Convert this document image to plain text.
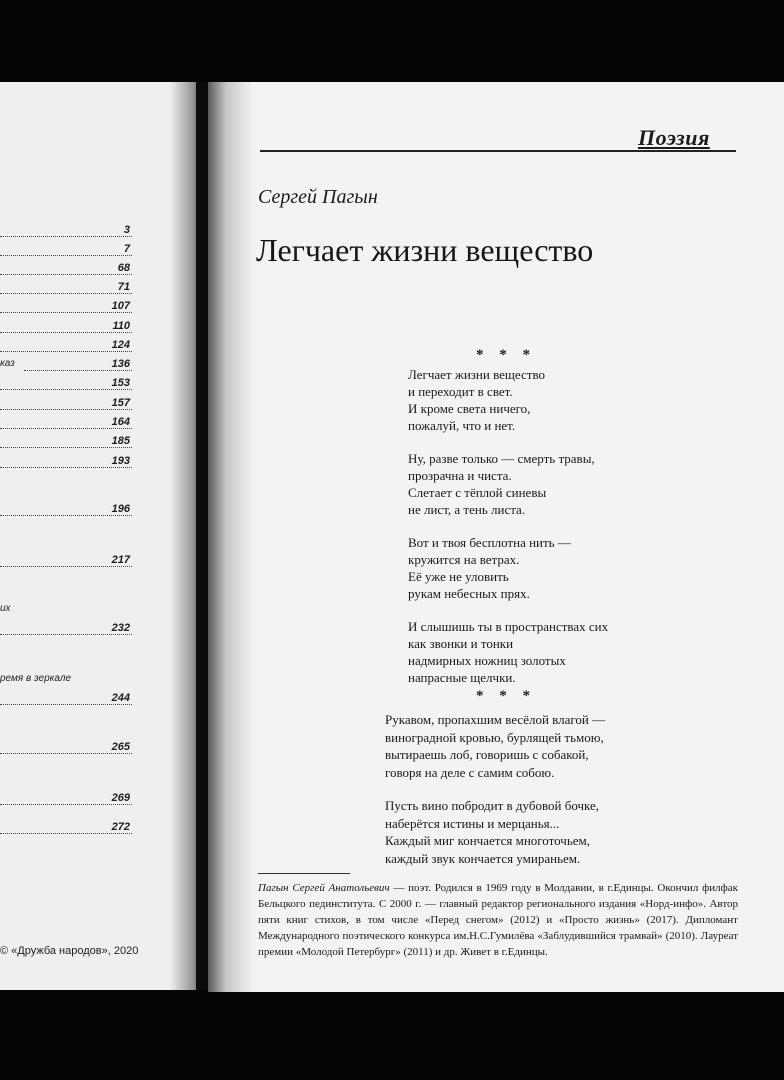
3
7
68
71
107
110
124
каз	136
153
157
164
185
193
196
217
их
232
ремя в зеркале
244
265
269
272
© «Дружба народов», 2020
Поэзия
Сергей Пагын
Легчает жизни вещество
* * *
Легчает жизни вещество
и переходит в свет.
И кроме света ничего,
пожалуй, что и нет.
Ну, разве только — смерть травы,
прозрачна и чиста.
Слетает с тёплой синевы
не лист, а тень листа.
Вот и твоя бесплотна нить —
кружится на ветрах.
Её уже не уловить
рукам небесных прях.
И слышишь ты в пространствах сих
как звонки и тонки
надмирных ножниц золотых
напрасные щелчки.
* * *
Рукавом, пропахшим весёлой влагой —
виноградной кровью, бурлящей тьмою,
вытираешь лоб, говоришь с собакой,
говоря на деле с самим собою.
Пусть вино побродит в дубовой бочке,
наберётся истины и мерцанья...
Каждый миг кончается многоточьем,
каждый звук кончается умираньем.
Пагын Сергей Анатольевич — поэт. Родился в 1969 году в Молдавии, в г.Единцы. Окончил филфак Бельцкого пединститута. С 2000 г. — главный редактор регионального издания «Норд-инфо». Автор пяти книг стихов, в том числе «Перед снегом» (2012) и «Просто жизнь» (2017). Дипломант Международного поэтического конкурса им.Н.С.Гумилёва «Заблудившийся трамвай» (2010). Лауреат премии «Молодой Петербург» (2011) и др. Живет в г.Единцы.
